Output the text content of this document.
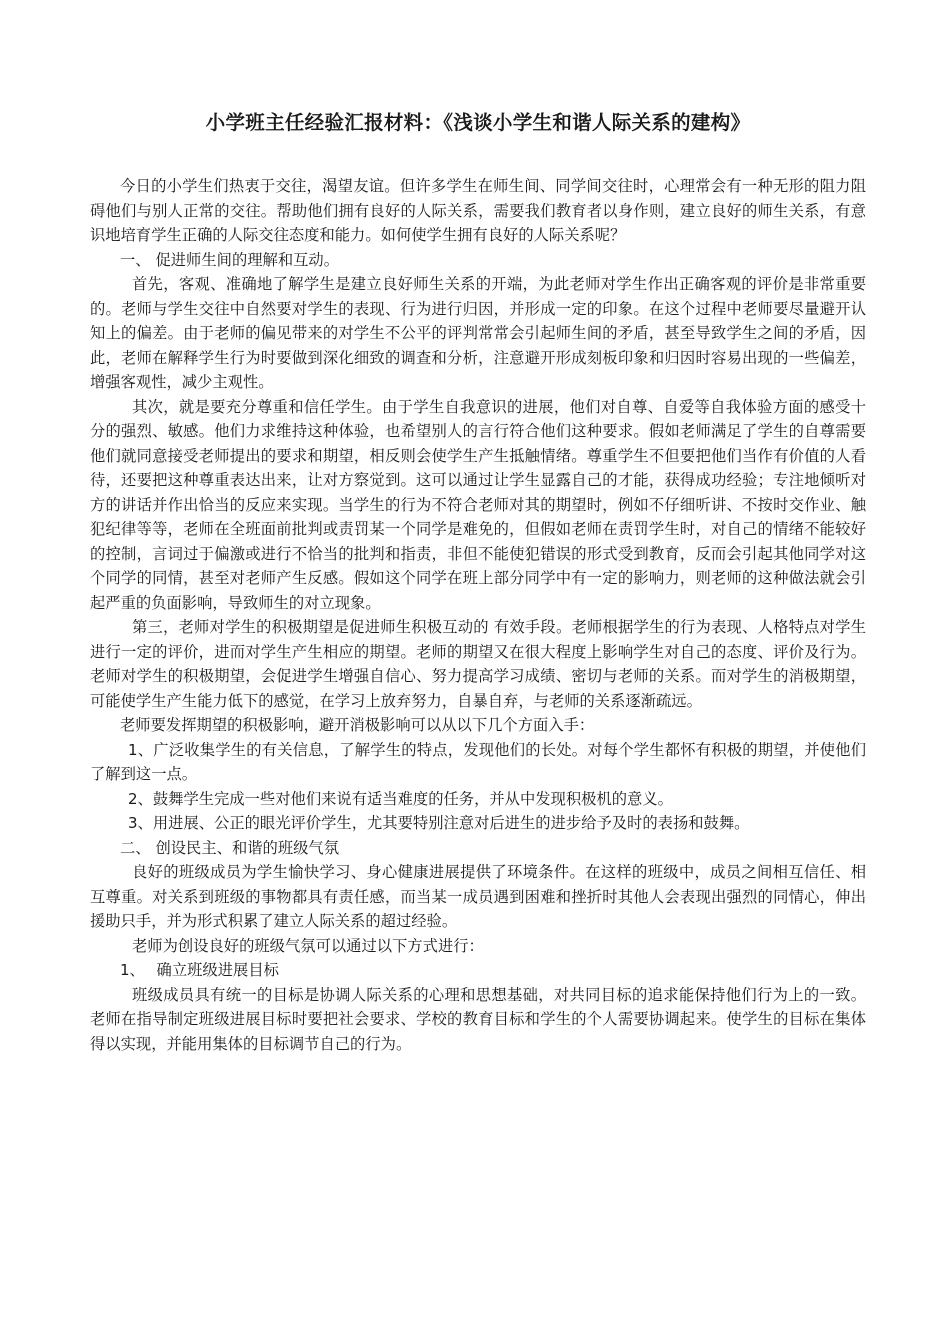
小学班主任经验汇报材料：《浅谈小学生和谐人际关系的建构》

今日的小学生们热衷于交往，渴望友谊。但许多学生在师生间、同学间交往时，心理常会有一种无形的阻力阻碍他们与别人正常的交往。帮助他们拥有良好的人际关系，需要我们教育者以身作则，建立良好的师生关系，有意识地培育学生正确的人际交往态度和能力。如何使学生拥有良好的人际关系呢？

一、 促进师生间的理解和互动。

首先，客观、准确地了解学生是建立良好师生关系的开端，为此老师对学生作出正确客观的评价是非常重要的。老师与学生交往中自然要对学生的表现、行为进行归因，并形成一定的印象。在这个过程中老师要尽量避开认知上的偏差。由于老师的偏见带来的对学生不公平的评判常常会引起师生间的矛盾，甚至导致学生之间的矛盾，因此，老师在解释学生行为时要做到深化细致的调查和分析，注意避开形成刻板印象和归因时容易出现的一些偏差，增强客观性，减少主观性。

其次，就是要充分尊重和信任学生。由于学生自我意识的进展，他们对自尊、自爱等自我体验方面的感受十分的强烈、敏感。他们力求维持这种体验，也希望别人的言行符合他们这种要求。假如老师满足了学生的自尊需要他们就同意接受老师提出的要求和期望，相反则会使学生产生抵触情绪。尊重学生不但要把他们当作有价值的人看待，还要把这种尊重表达出来，让对方察觉到。这可以通过让学生显露自己的才能，获得成功经验；专注地倾听对方的讲话并作出恰当的反应来实现。当学生的行为不符合老师对其的期望时，例如不仔细听讲、不按时交作业、触犯纪律等等，老师在全班面前批判或责罚某一个同学是难免的，但假如老师在责罚学生时，对自己的情绪不能较好的控制，言词过于偏激或进行不恰当的批判和指责，非但不能使犯错误的形式受到教育，反而会引起其他同学对这个同学的同情，甚至对老师产生反感。假如这个同学在班上部分同学中有一定的影响力，则老师的这种做法就会引起严重的负面影响，导致师生的对立现象。

第三，老师对学生的积极期望是促进师生积极互动的 有效手段。老师根据学生的行为表现、人格特点对学生进行一定的评价，进而对学生产生相应的期望。老师的期望又在很大程度上影响学生对自己的态度、评价及行为。老师对学生的积极期望，会促进学生增强自信心、努力提高学习成绩、密切与老师的关系。而对学生的消极期望，可能使学生产生能力低下的感觉，在学习上放弃努力，自暴自弃，与老师的关系逐渐疏远。

老师要发挥期望的积极影响，避开消极影响可以从以下几个方面入手：

1、广泛收集学生的有关信息，了解学生的特点，发现他们的长处。对每个学生都怀有积极的期望，并使他们了解到这一点。

2、鼓舞学生完成一些对他们来说有适当难度的任务，并从中发现积极机的意义。

3、用进展、公正的眼光评价学生，尤其要特别注意对后进生的进步给予及时的表扬和鼓舞。

二、 创设民主、和谐的班级气氛

良好的班级成员为学生愉快学习、身心健康进展提供了环境条件。在这样的班级中，成员之间相互信任、相互尊重。对关系到班级的事物都具有责任感，而当某一成员遇到困难和挫折时其他人会表现出强烈的同情心，伸出援助只手，并为形式积累了建立人际关系的超过经验。

老师为创设良好的班级气氛可以通过以下方式进行：

1、 确立班级进展目标

班级成员具有统一的目标是协调人际关系的心理和思想基础，对共同目标的追求能保持他们行为上的一致。老师在指导制定班级进展目标时要把社会要求、学校的教育目标和学生的个人需要协调起来。使学生的目标在集体得以实现，并能用集体的目标调节自己的行为。
